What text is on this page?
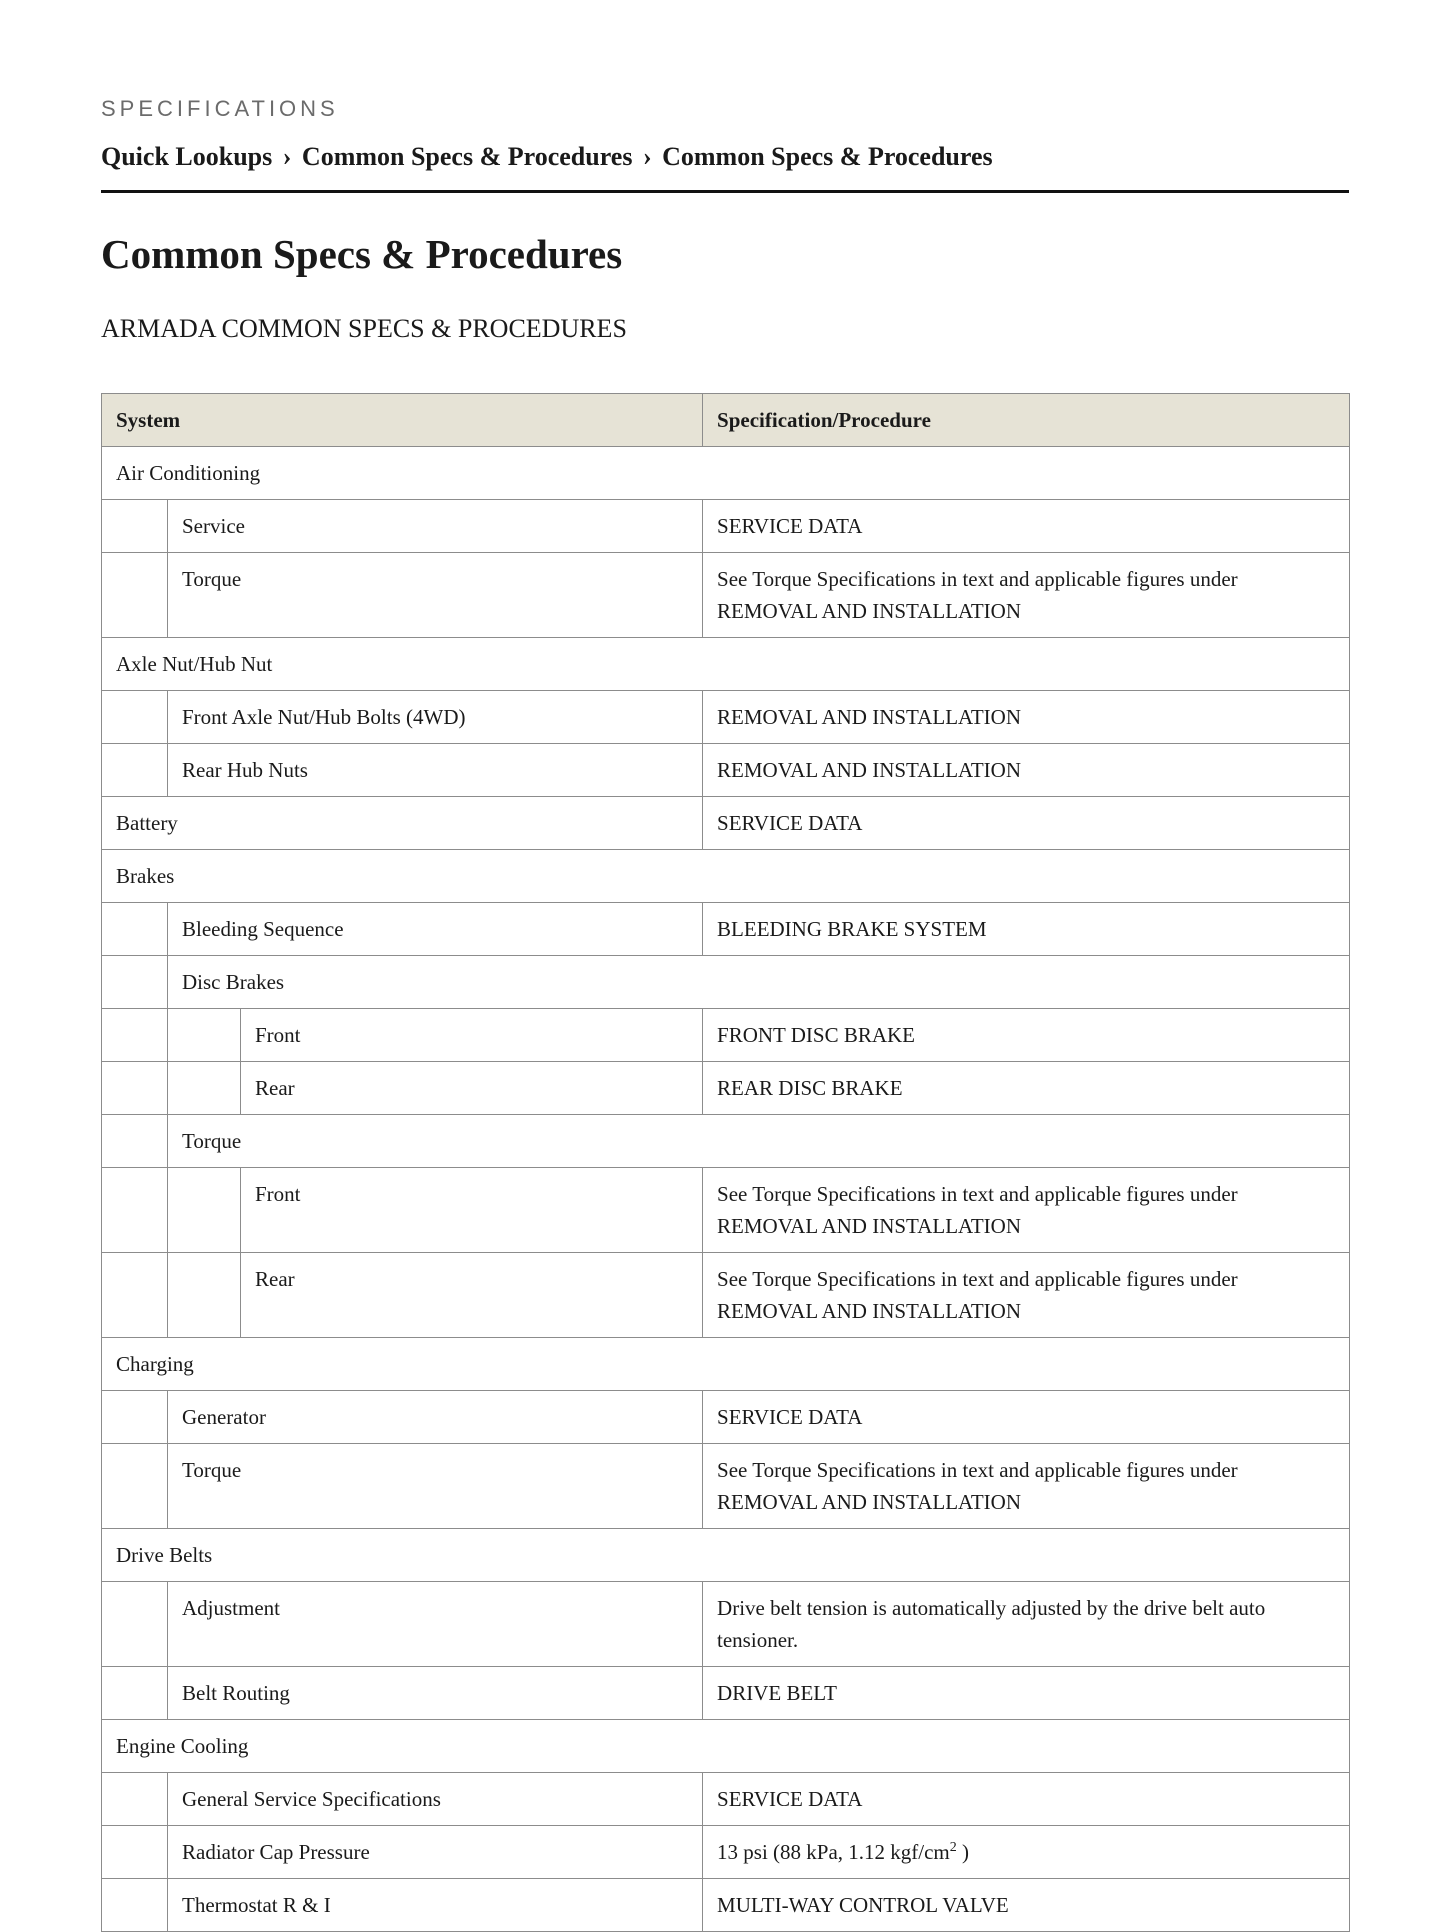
SPECIFICATIONS

Quick Lookups › Common Specs & Procedures › Common Specs & Procedures
Common Specs & Procedures
ARMADA COMMON SPECS & PROCEDURES
System			Specification/Procedure
Air Conditioning			
	Service		SERVICE DATA
	Torque		See Torque Specifications in text and applicable figures under REMOVAL AND INSTALLATION
Axle Nut/Hub Nut			
	Front Axle Nut/Hub Bolts (4WD)		REMOVAL AND INSTALLATION
	Rear Hub Nuts		REMOVAL AND INSTALLATION
Battery			SERVICE DATA
Brakes			
	Bleeding Sequence		BLEEDING BRAKE SYSTEM
	Disc Brakes		
		Front	FRONT DISC BRAKE
		Rear	REAR DISC BRAKE
	Torque		
		Front	See Torque Specifications in text and applicable figures under REMOVAL AND INSTALLATION
		Rear	See Torque Specifications in text and applicable figures under REMOVAL AND INSTALLATION
Charging			
	Generator		SERVICE DATA
	Torque		See Torque Specifications in text and applicable figures under REMOVAL AND INSTALLATION
Drive Belts			
	Adjustment		Drive belt tension is automatically adjusted by the drive belt auto tensioner.
	Belt Routing		DRIVE BELT
Engine Cooling			
	General Service Specifications		SERVICE DATA
	Radiator Cap Pressure		13 psi (88 kPa, 1.12 kgf/$cm^2$ )
	Thermostat R & I		MULTI-WAY CONTROL VALVE
